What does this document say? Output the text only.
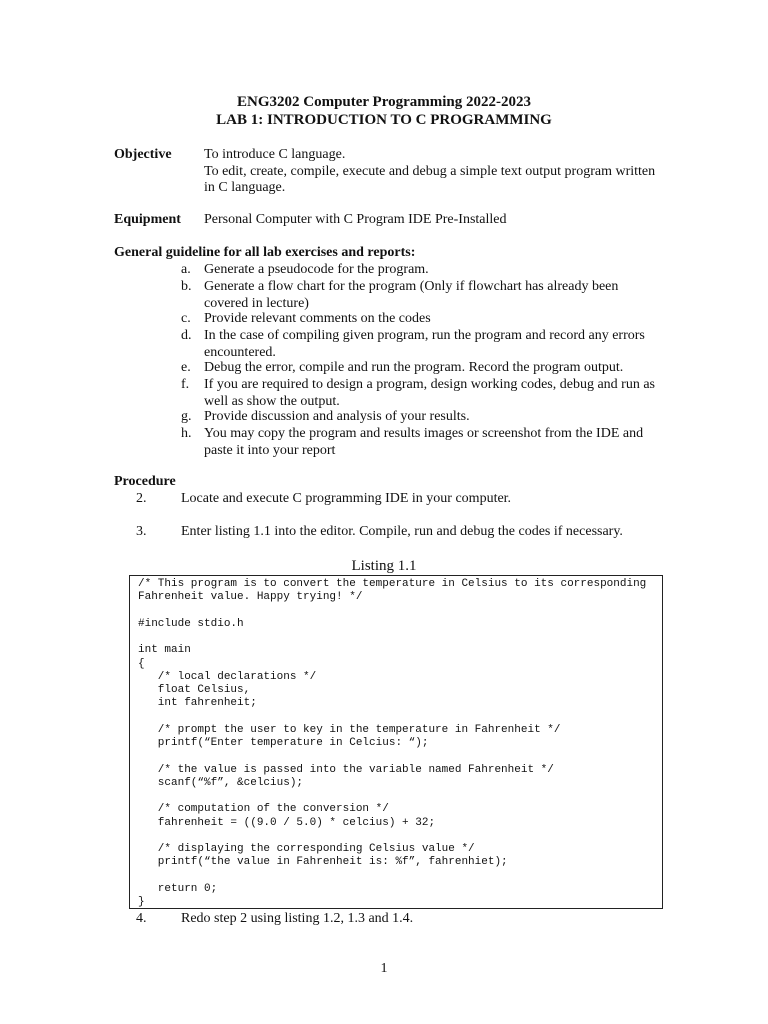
ENG3202 Computer Programming 2022-2023
LAB 1: INTRODUCTION TO C PROGRAMMING
Objective To introduce C language.
To edit, create, compile, execute and debug a simple text output program written
in C language.
Equipment Personal Computer with C Program IDE Pre-Installed
General guideline for all lab exercises and reports:
a. Generate a pseudocode for the program.
b. Generate a flow chart for the program (Only if flowchart has already been covered in lecture)
c. Provide relevant comments on the codes
d. In the case of compiling given program, run the program and record any errors encountered.
e. Debug the error, compile and run the program. Record the program output.
f. If you are required to design a program, design working codes, debug and run as well as show the output.
g. Provide discussion and analysis of your results.
h. You may copy the program and results images or screenshot from the IDE and paste it into your report
Procedure
2. Locate and execute C programming IDE in your computer.
3. Enter listing 1.1 into the editor. Compile, run and debug the codes if necessary.
Listing 1.1
/* This program is to convert the temperature in Celsius to its corresponding
Fahrenheit value. Happy trying! */

#include stdio.h

int main
{
/* local declarations */
float Celsius,
int fahrenheit;

/* prompt the user to key in the temperature in Fahrenheit */
printf(“Enter temperature in Celcius: “);

/* the value is passed into the variable named Fahrenheit */
scanf(“%f”, &celcius);

/* computation of the conversion */
fahrenheit = ((9.0 / 5.0) * celcius) + 32;

/* displaying the corresponding Celsius value */
printf(“the value in Fahrenheit is: %f”, fahrenhiet);

return 0;
}
4. Redo step 2 using listing 1.2, 1.3 and 1.4.
1
